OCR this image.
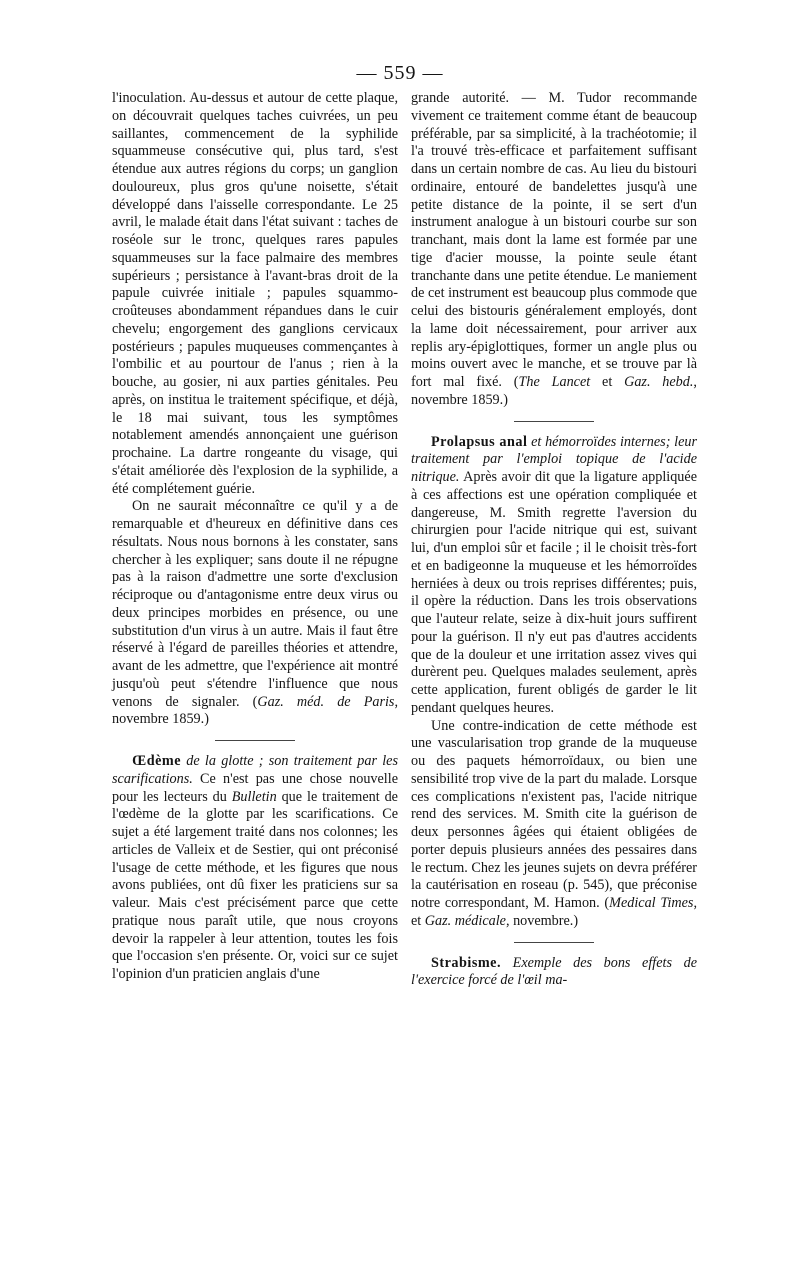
— 559 —

l'inoculation. Au-dessus et autour de cette plaque, on découvrait quelques taches cuivrées, un peu saillantes, commencement de la syphilide squammeuse consécutive qui, plus tard, s'est étendue aux autres régions du corps; un ganglion douloureux, plus gros qu'une noisette, s'était développé dans l'aisselle correspondante. Le 25 avril, le malade était dans l'état suivant : taches de roséole sur le tronc, quelques rares papules squammeuses sur la face palmaire des membres supérieurs ; persistance à l'avant-bras droit de la papule cuivrée initiale ; papules squammo-croûteuses abondamment répandues dans le cuir chevelu; engorgement des ganglions cervicaux postérieurs ; papules muqueuses commençantes à l'ombilic et au pourtour de l'anus ; rien à la bouche, au gosier, ni aux parties génitales. Peu après, on institua le traitement spécifique, et déjà, le 18 mai suivant, tous les symptômes notablement amendés annonçaient une guérison prochaine. La dartre rongeante du visage, qui s'était améliorée dès l'explosion de la syphilide, a été complétement guérie.

On ne saurait méconnaître ce qu'il y a de remarquable et d'heureux en définitive dans ces résultats. Nous nous bornons à les constater, sans chercher à les expliquer; sans doute il ne répugne pas à la raison d'admettre une sorte d'exclusion réciproque ou d'antagonisme entre deux virus ou deux principes morbides en présence, ou une substitution d'un virus à un autre. Mais il faut être réservé à l'égard de pareilles théories et attendre, avant de les admettre, que l'expérience ait montré jusqu'où peut s'étendre l'influence que nous venons de signaler. (Gaz. méd. de Paris, novembre 1859.)

Œdème de la glotte ; son traitement par les scarifications. Ce n'est pas une chose nouvelle pour les lecteurs du Bulletin que le traitement de l'œdème de la glotte par les scarifications. Ce sujet a été largement traité dans nos colonnes; les articles de Valleix et de Sestier, qui ont préconisé l'usage de cette méthode, et les figures que nous avons publiées, ont dû fixer les praticiens sur sa valeur. Mais c'est précisément parce que cette pratique nous paraît utile, que nous croyons devoir la rappeler à leur attention, toutes les fois que l'occasion s'en présente. Or, voici sur ce sujet l'opinion d'un praticien anglais d'une

grande autorité. — M. Tudor recommande vivement ce traitement comme étant de beaucoup préférable, par sa simplicité, à la trachéotomie; il l'a trouvé très-efficace et parfaitement suffisant dans un certain nombre de cas. Au lieu du bistouri ordinaire, entouré de bandelettes jusqu'à une petite distance de la pointe, il se sert d'un instrument analogue à un bistouri courbe sur son tranchant, mais dont la lame est formée par une tige d'acier mousse, la pointe seule étant tranchante dans une petite étendue. Le maniement de cet instrument est beaucoup plus commode que celui des bistouris généralement employés, dont la lame doit nécessairement, pour arriver aux replis ary-épiglottiques, former un angle plus ou moins ouvert avec le manche, et se trouve par là fort mal fixé. (The Lancet et Gaz. hebd., novembre 1859.)

Prolapsus anal et hémorroïdes internes; leur traitement par l'emploi topique de l'acide nitrique. Après avoir dit que la ligature appliquée à ces affections est une opération compliquée et dangereuse, M. Smith regrette l'aversion du chirurgien pour l'acide nitrique qui est, suivant lui, d'un emploi sûr et facile ; il le choisit très-fort et en badigeonne la muqueuse et les hémorroïdes herniées à deux ou trois reprises différentes; puis, il opère la réduction. Dans les trois observations que l'auteur relate, seize à dix-huit jours suffirent pour la guérison. Il n'y eut pas d'autres accidents que de la douleur et une irritation assez vives qui durèrent peu. Quelques malades seulement, après cette application, furent obligés de garder le lit pendant quelques heures.

Une contre-indication de cette méthode est une vascularisation trop grande de la muqueuse ou des paquets hémorroïdaux, ou bien une sensibilité trop vive de la part du malade. Lorsque ces complications n'existent pas, l'acide nitrique rend des services. M. Smith cite la guérison de deux personnes âgées qui étaient obligées de porter depuis plusieurs années des pessaires dans le rectum. Chez les jeunes sujets on devra préférer la cautérisation en roseau (p. 545), que préconise notre correspondant, M. Hamon. (Medical Times, et Gaz. médicale, novembre.)

Strabisme. Exemple des bons effets de l'exercice forcé de l'œil ma-
